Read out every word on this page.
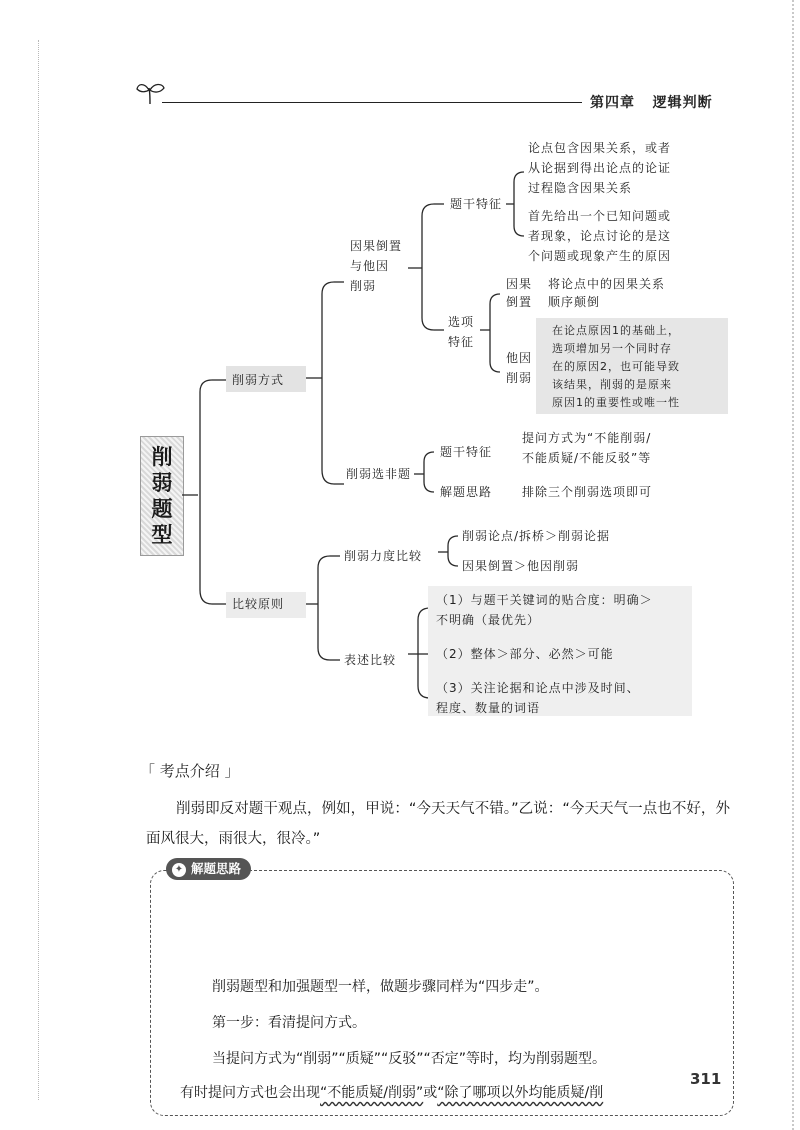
第四章 逻辑判断
削弱题型
削弱方式
比较原则
因果倒置
与他因
削弱
题干特征
论点包含因果关系，或者
从论据到得出论点的论证
过程隐含因果关系
首先给出一个已知问题或
者现象，论点讨论的是这
个问题或现象产生的原因
选项
特征
因果
倒置
将论点中的因果关系
顺序颠倒
他因
削弱
在论点原因1的基础上，
选项增加另一个同时存
在的原因2，也可能导致
该结果，削弱的是原来
原因1的重要性或唯一性
削弱选非题
题干特征
提问方式为“不能削弱/
不能质疑/不能反驳”等
解题思路 排除三个削弱选项即可
削弱力度比较
削弱论点/拆桥＞削弱论据
因果倒置＞他因削弱
表述比较
（1）与题干关键词的贴合度：明确＞
不明确（最优先）
（2）整体＞部分、必然＞可能
（3）关注论据和论点中涉及时间、
程度、数量的词语
「 考点介绍 」
削弱即反对题干观点，例如，甲说：“今天天气不错。”乙说：“今天天气一点也不好，外面风很大，雨很大，很冷。”
✦ 解题思路
削弱题型和加强题型一样，做题步骤同样为“四步走”。
第一步：看清提问方式。
当提问方式为“削弱”“质疑”“反驳”“否定”等时，均为削弱题型。
有时提问方式也会出现“不能质疑/削弱”或“除了哪项以外均能质疑/削
311
